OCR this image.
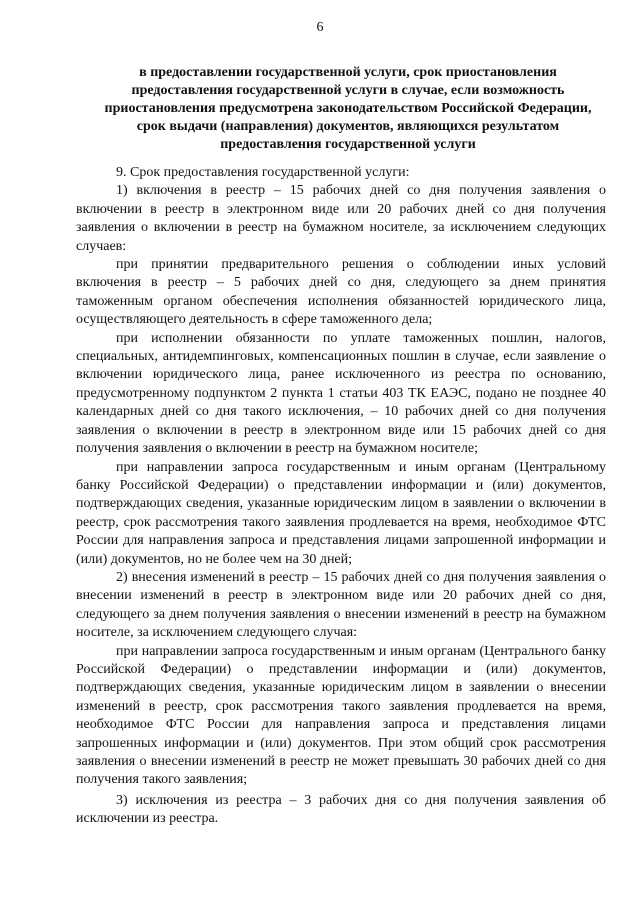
6
в предоставлении государственной услуги, срок приостановления
предоставления государственной услуги в случае, если возможность
приостановления предусмотрена законодательством Российской Федерации,
срок выдачи (направления) документов, являющихся результатом
предоставления государственной услуги

9. Срок предоставления государственной услуги:

1) включения в реестр – 15 рабочих дней со дня получения заявления о включении в реестр в электронном виде или 20 рабочих дней со дня получения заявления о включении в реестр на бумажном носителе, за исключением следующих случаев:

при принятии предварительного решения о соблюдении иных условий включения в реестр – 5 рабочих дней со дня, следующего за днем принятия таможенным органом обеспечения исполнения обязанностей юридического лица, осуществляющего деятельность в сфере таможенного дела;

при исполнении обязанности по уплате таможенных пошлин, налогов, специальных, антидемпинговых, компенсационных пошлин в случае, если заявление о включении юридического лица, ранее исключенного из реестра по основанию, предусмотренному подпунктом 2 пункта 1 статьи 403 ТК ЕАЭС, подано не позднее 40 календарных дней со дня такого исключения, – 10 рабочих дней со дня получения заявления о включении в реестр в электронном виде или 15 рабочих дней со дня получения заявления о включении в реестр на бумажном носителе;

при направлении запроса государственным и иным органам (Центральному банку Российской Федерации) о представлении информации и (или) документов, подтверждающих сведения, указанные юридическим лицом в заявлении о включении в реестр, срок рассмотрения такого заявления продлевается на время, необходимое ФТС России для направления запроса и представления лицами запрошенной информации и (или) документов, но не более чем на 30 дней;

2) внесения изменений в реестр – 15 рабочих дней со дня получения заявления о внесении изменений в реестр в электронном виде или 20 рабочих дней со дня, следующего за днем получения заявления о внесении изменений в реестр на бумажном носителе, за исключением следующего случая:

при направлении запроса государственным и иным органам (Центрального банку Российской Федерации) о представлении информации и (или) документов, подтверждающих сведения, указанные юридическим лицом в заявлении о внесении изменений в реестр, срок рассмотрения такого заявления продлевается на время, необходимое ФТС России для направления запроса и представления лицами запрошенных информации и (или) документов. При этом общий срок рассмотрения заявления о внесении изменений в реестр не может превышать 30 рабочих дней со дня получения такого заявления;

3) исключения из реестра – 3 рабочих дня со дня получения заявления об исключении из реестра.
